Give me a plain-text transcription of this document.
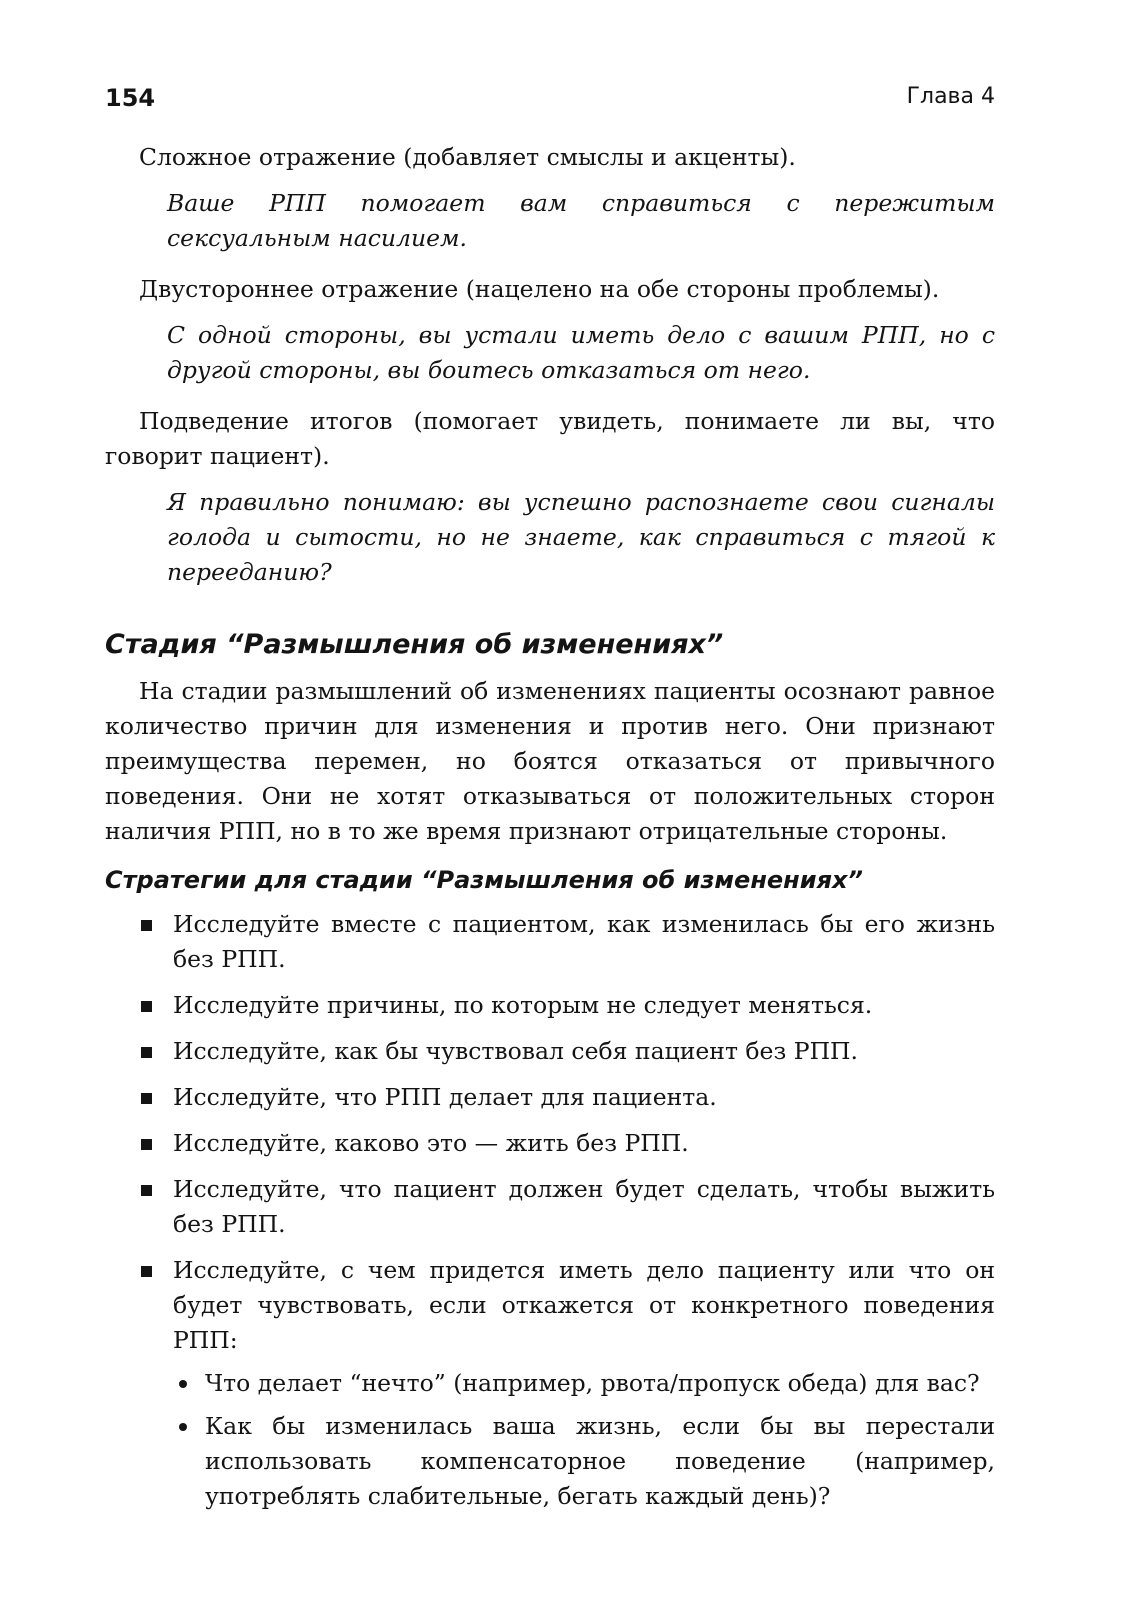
154	Глава 4

Сложное отражение (добавляет смыслы и акценты).

Ваше РПП помогает вам справиться с пережитым сексуальным насилием.

Двустороннее отражение (нацелено на обе стороны проблемы).

С одной стороны, вы устали иметь дело с вашим РПП, но с другой стороны, вы боитесь отказаться от него.

Подведение итогов (помогает увидеть, понимаете ли вы, что говорит пациент).

Я правильно понимаю: вы успешно распознаете свои сигналы голода и сытости, но не знаете, как справиться с тягой к перееданию?

Стадия “Размышления об изменениях”

На стадии размышлений об изменениях пациенты осознают равное количество причин для изменения и против него. Они признают преимущества перемен, но боятся отказаться от привычного поведения. Они не хотят отказываться от положительных сторон наличия РПП, но в то же время признают отрицательные стороны.

Стратегии для стадии “Размышления об изменениях”
Исследуйте вместе с пациентом, как изменилась бы его жизнь без РПП.
Исследуйте причины, по которым не следует меняться.
Исследуйте, как бы чувствовал себя пациент без РПП.
Исследуйте, что РПП делает для пациента.
Исследуйте, каково это — жить без РПП.
Исследуйте, что пациент должен будет сделать, чтобы выжить без РПП.
Исследуйте, с чем придется иметь дело пациенту или что он будет чувствовать, если откажется от конкретного поведения РПП:
Что делает “нечто” (например, рвота/пропуск обеда) для вас?
Как бы изменилась ваша жизнь, если бы вы перестали использовать компенсаторное поведение (например, употреблять слабительные, бегать каждый день)?
